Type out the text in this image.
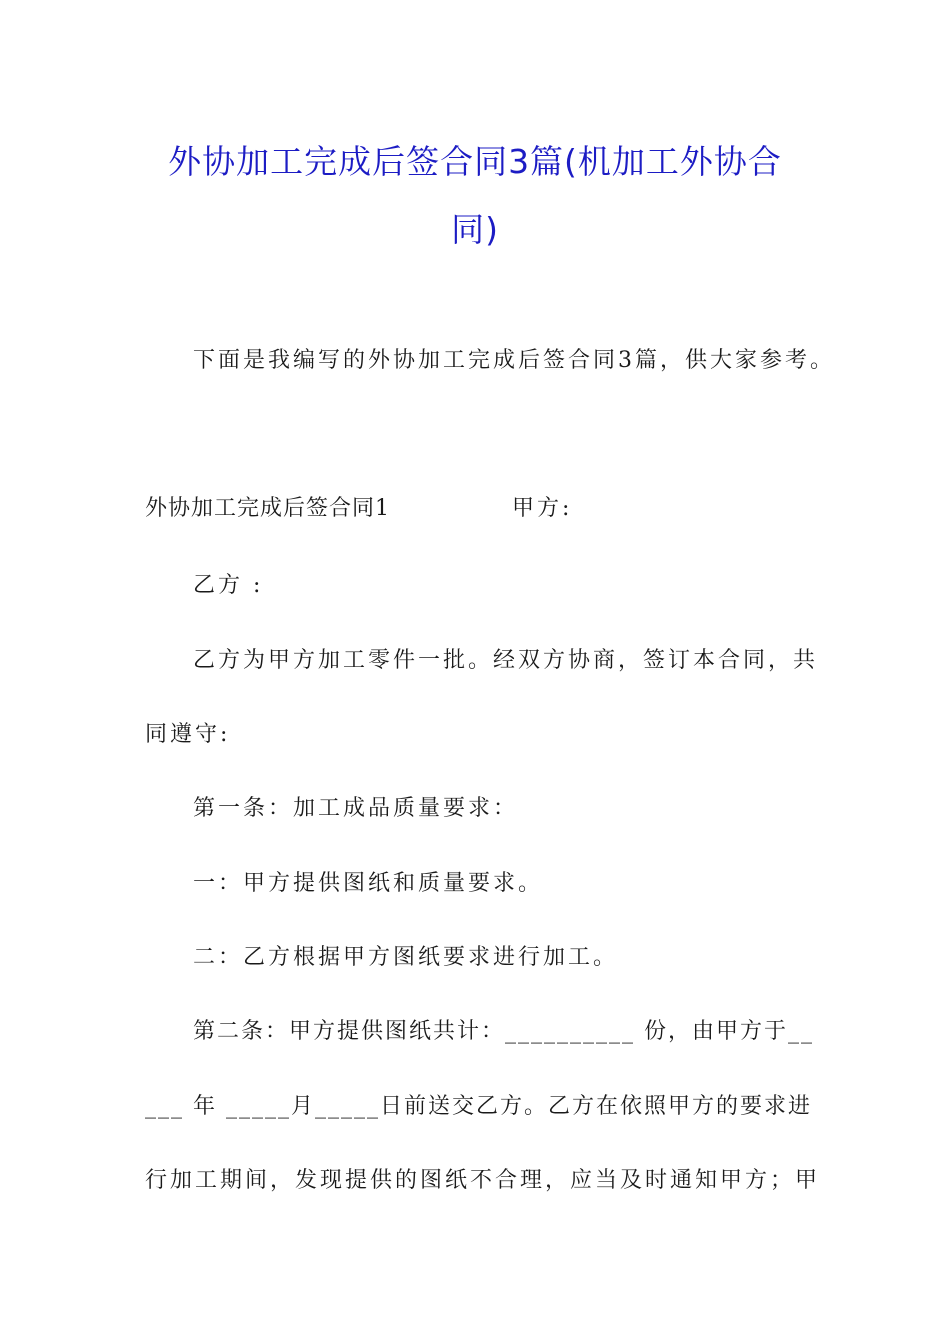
外协加工完成后签合同3篇(机加工外协合
同)
下面是我编写的外协加工完成后签合同3篇，供大家参考。
外协加工完成后签合同1	甲方:
乙方 :
乙方为甲方加工零件一批。经双方协商，签订本合同，共
同遵守:
第一条：加工成品质量要求：
一：甲方提供图纸和质量要求。
二：乙方根据甲方图纸要求进行加工。
第二条：甲方提供图纸共计：__________ 份，由甲方于__
___ 年 _____月_____日前送交乙方。乙方在依照甲方的要求进
行加工期间，发现提供的图纸不合理，应当及时通知甲方；甲
